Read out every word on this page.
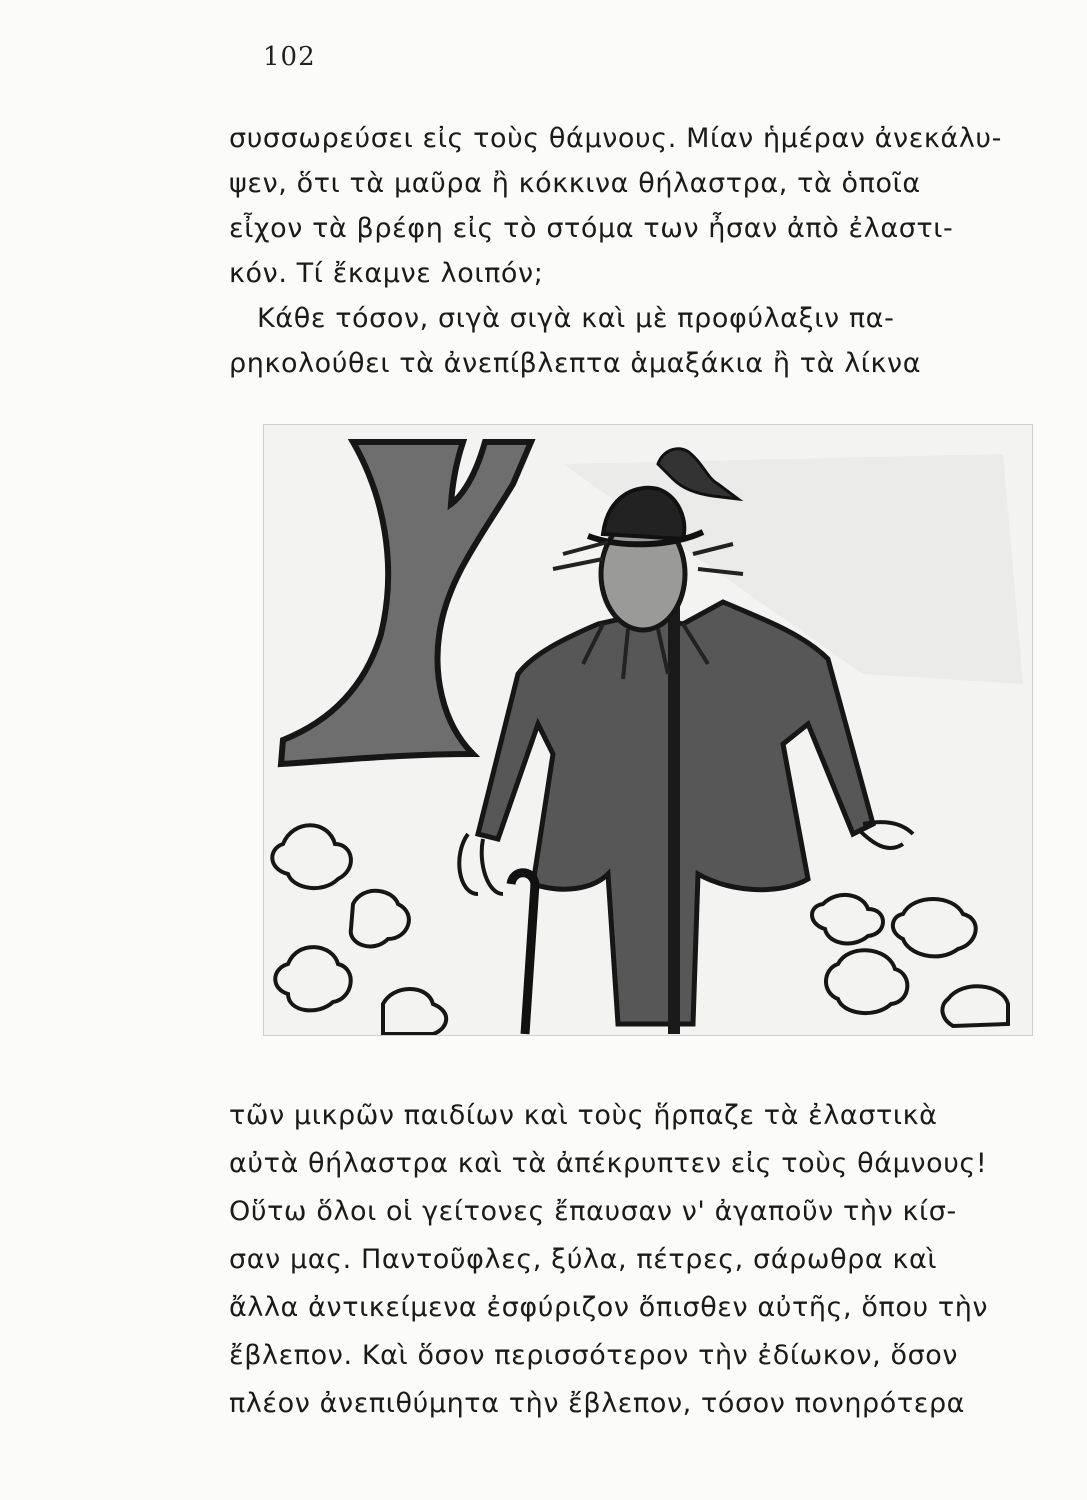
102
συσσωρεύσει εἰς τοὺς θάμνους. Μίαν ἡμέραν ἀνεκάλυ-
ψεν, ὅτι τὰ μαῦρα ἢ κόκκινα θήλαστρα, τὰ ὁποῖα
εἶχον τὰ βρέφη εἰς τὸ στόμα των ἦσαν ἀπὸ ἐλαστι-
κόν. Τί ἔκαμνε λοιπόν;
Κάθε τόσον, σιγὰ σιγὰ καὶ μὲ προφύλαξιν πα-
ρηκολούθει τὰ ἀνεπίβλεπτα ἁμαξάκια ἢ τὰ λίκνα
τῶν μικρῶν παιδίων καὶ τοὺς ἥρπαζε τὰ ἐλαστικὰ
αὐτὰ θήλαστρα καὶ τὰ ἀπέκρυπτεν εἰς τοὺς θάμνους!
Οὕτω ὅλοι οἱ γείτονες ἔπαυσαν ν' ἀγαποῦν τὴν κίσ-
σαν μας. Παντοῦφλες, ξύλα, πέτρες, σάρωθρα καὶ
ἄλλα ἀντικείμενα ἐσφύριζον ὄπισθεν αὐτῆς, ὅπου τὴν
ἔβλεπον. Καὶ ὅσον περισσότερον τὴν ἐδίωκον, ὅσον
πλέον ἀνεπιθύμητα τὴν ἔβλεπον, τόσον πονηρότερα
